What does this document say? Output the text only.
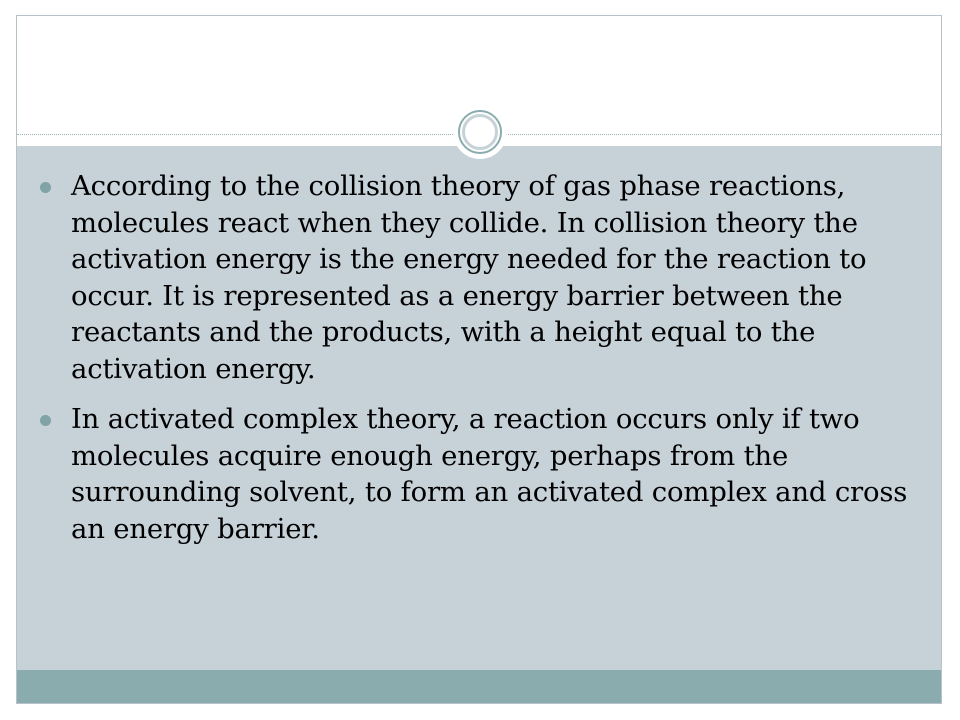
According to the collision theory of gas phase reactions, molecules react when they collide. In collision theory the activation energy is the energy needed for the reaction to occur. It is represented as a energy barrier between the reactants and the products, with a height equal to the activation energy.
In activated complex theory, a reaction occurs only if two molecules acquire enough energy, perhaps from the surrounding solvent, to form an activated complex and cross an energy barrier.
